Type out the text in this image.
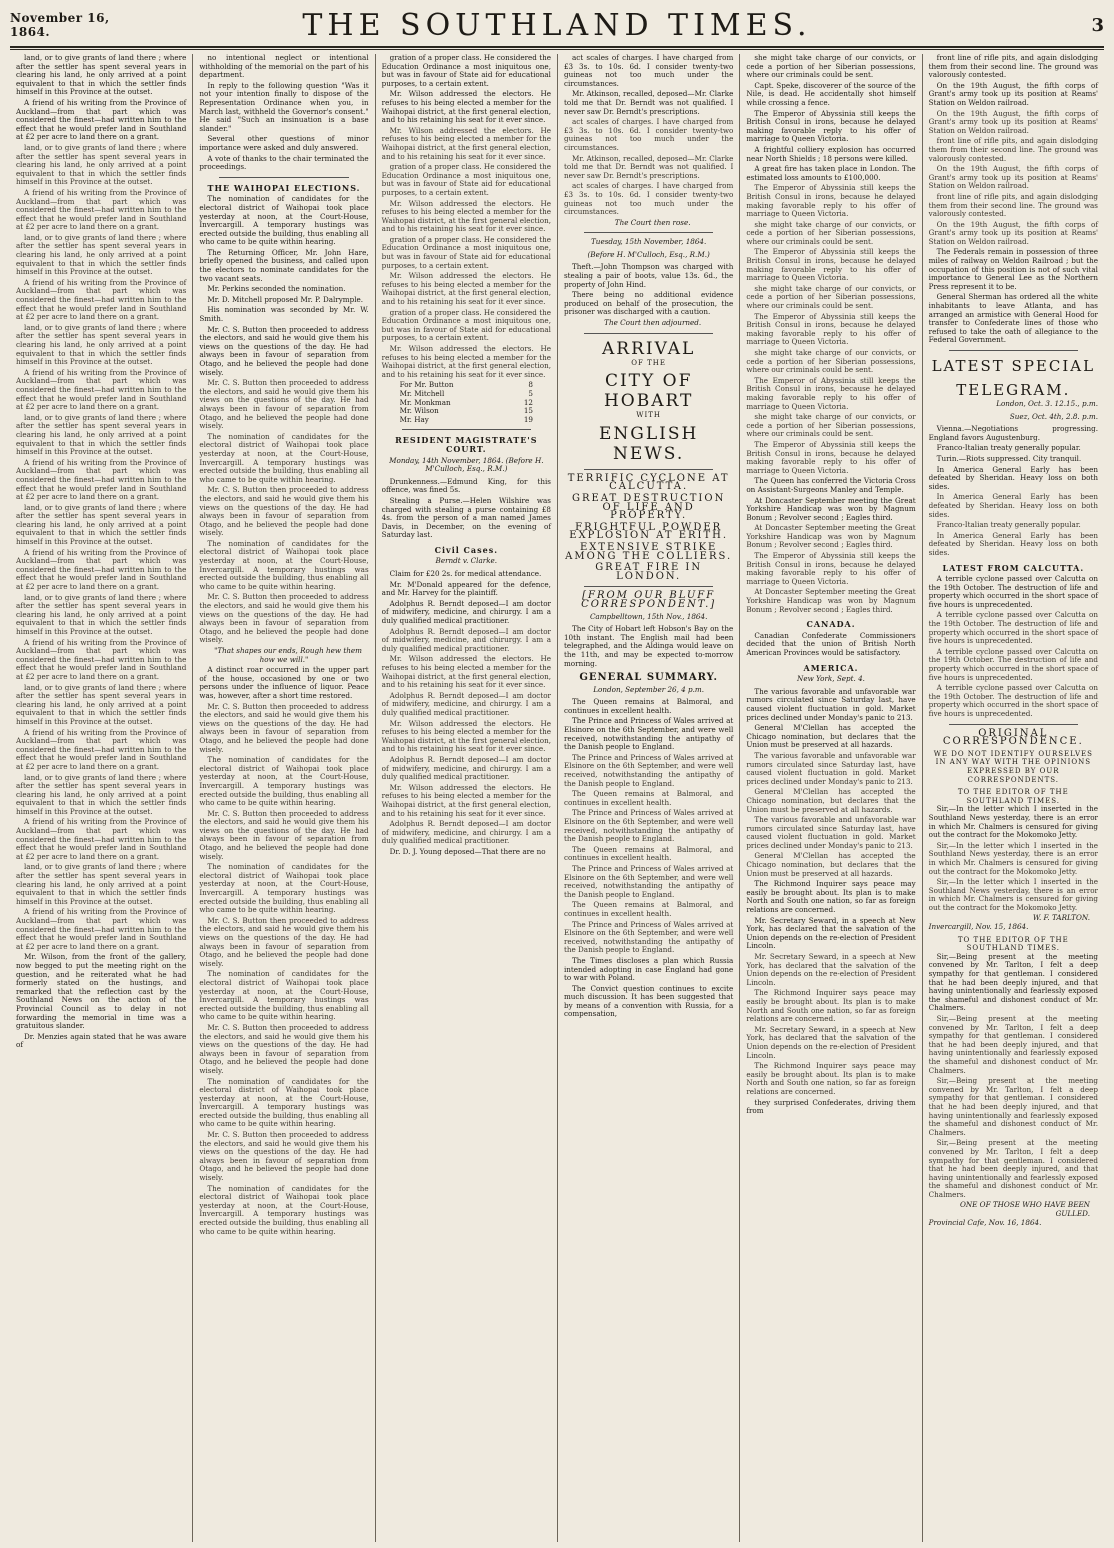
November 16, 1864.	THE SOUTHLAND TIMES.	3

land, or to give grants of land there ; where after the settler has spent several years in clearing his land, he only arrived at a point equivalent to that in which the settler finds himself in this Province at the outset.

A friend of his writing from the Province of Auckland—from that part which was considered the finest—had written him to the effect that he would prefer land in Southland at £2 per acre to land there on a grant.

land, or to give grants of land there ; where after the settler has spent several years in clearing his land, he only arrived at a point equivalent to that in which the settler finds himself in this Province at the outset.

A friend of his writing from the Province of Auckland—from that part which was considered the finest—had written him to the effect that he would prefer land in Southland at £2 per acre to land there on a grant.

land, or to give grants of land there ; where after the settler has spent several years in clearing his land, he only arrived at a point equivalent to that in which the settler finds himself in this Province at the outset.

A friend of his writing from the Province of Auckland—from that part which was considered the finest—had written him to the effect that he would prefer land in Southland at £2 per acre to land there on a grant.

land, or to give grants of land there ; where after the settler has spent several years in clearing his land, he only arrived at a point equivalent to that in which the settler finds himself in this Province at the outset.

A friend of his writing from the Province of Auckland—from that part which was considered the finest—had written him to the effect that he would prefer land in Southland at £2 per acre to land there on a grant.

land, or to give grants of land there ; where after the settler has spent several years in clearing his land, he only arrived at a point equivalent to that in which the settler finds himself in this Province at the outset.

A friend of his writing from the Province of Auckland—from that part which was considered the finest—had written him to the effect that he would prefer land in Southland at £2 per acre to land there on a grant.

land, or to give grants of land there ; where after the settler has spent several years in clearing his land, he only arrived at a point equivalent to that in which the settler finds himself in this Province at the outset.

A friend of his writing from the Province of Auckland—from that part which was considered the finest—had written him to the effect that he would prefer land in Southland at £2 per acre to land there on a grant.

land, or to give grants of land there ; where after the settler has spent several years in clearing his land, he only arrived at a point equivalent to that in which the settler finds himself in this Province at the outset.

A friend of his writing from the Province of Auckland—from that part which was considered the finest—had written him to the effect that he would prefer land in Southland at £2 per acre to land there on a grant.

land, or to give grants of land there ; where after the settler has spent several years in clearing his land, he only arrived at a point equivalent to that in which the settler finds himself in this Province at the outset.

A friend of his writing from the Province of Auckland—from that part which was considered the finest—had written him to the effect that he would prefer land in Southland at £2 per acre to land there on a grant.

land, or to give grants of land there ; where after the settler has spent several years in clearing his land, he only arrived at a point equivalent to that in which the settler finds himself in this Province at the outset.

A friend of his writing from the Province of Auckland—from that part which was considered the finest—had written him to the effect that he would prefer land in Southland at £2 per acre to land there on a grant.

land, or to give grants of land there ; where after the settler has spent several years in clearing his land, he only arrived at a point equivalent to that in which the settler finds himself in this Province at the outset.

A friend of his writing from the Province of Auckland—from that part which was considered the finest—had written him to the effect that he would prefer land in Southland at £2 per acre to land there on a grant.

Mr. Wilson, from the front of the gallery, now begged to put the meeting right on the question, and he reiterated what he had formerly stated on the hustings, and remarked that the reflection cast by the Southland News on the action of the Provincial Council as to delay in not forwarding the memorial in time was a gratuitous slander.

Dr. Menzies again stated that he was aware of

no intentional neglect or intentional withholding of the memorial on the part of his department.

In reply to the following question "Was it not your intention finally to dispose of the Representation Ordinance when you, in March last, withheld the Governor's consent." He said "Such an insinuation is a base slander."

Several other questions of minor importance were asked and duly answered.

A vote of thanks to the chair terminated the proceedings.

THE WAIHOPAI ELECTIONS.

The nomination of candidates for the electoral district of Waihopai took place yesterday at noon, at the Court-House, Invercargill. A temporary hustings was erected outside the building, thus enabling all who came to be quite within hearing.

The Returning Officer, Mr. John Hare, briefly opened the business, and called upon the electors to nominate candidates for the two vacant seats.

Mr. Perkins seconded the nomination.

Mr. D. Mitchell proposed Mr. P. Dalrymple.

His nomination was seconded by Mr. W. Smith.

Mr. C. S. Button then proceeded to address the electors, and said he would give them his views on the questions of the day. He had always been in favour of separation from Otago, and he believed the people had done wisely.

Mr. C. S. Button then proceeded to address the electors, and said he would give them his views on the questions of the day. He had always been in favour of separation from Otago, and he believed the people had done wisely.

The nomination of candidates for the electoral district of Waihopai took place yesterday at noon, at the Court-House, Invercargill. A temporary hustings was erected outside the building, thus enabling all who came to be quite within hearing.

Mr. C. S. Button then proceeded to address the electors, and said he would give them his views on the questions of the day. He had always been in favour of separation from Otago, and he believed the people had done wisely.

The nomination of candidates for the electoral district of Waihopai took place yesterday at noon, at the Court-House, Invercargill. A temporary hustings was erected outside the building, thus enabling all who came to be quite within hearing.

Mr. C. S. Button then proceeded to address the electors, and said he would give them his views on the questions of the day. He had always been in favour of separation from Otago, and he believed the people had done wisely.

"That shapes our ends, Rough hew them how we will."

A distinct roar occurred in the upper part of the house, occasioned by one or two persons under the influence of liquor. Peace was, however, after a short time restored.

Mr. C. S. Button then proceeded to address the electors, and said he would give them his views on the questions of the day. He had always been in favour of separation from Otago, and he believed the people had done wisely.

The nomination of candidates for the electoral district of Waihopai took place yesterday at noon, at the Court-House, Invercargill. A temporary hustings was erected outside the building, thus enabling all who came to be quite within hearing.

Mr. C. S. Button then proceeded to address the electors, and said he would give them his views on the questions of the day. He had always been in favour of separation from Otago, and he believed the people had done wisely.

The nomination of candidates for the electoral district of Waihopai took place yesterday at noon, at the Court-House, Invercargill. A temporary hustings was erected outside the building, thus enabling all who came to be quite within hearing.

Mr. C. S. Button then proceeded to address the electors, and said he would give them his views on the questions of the day. He had always been in favour of separation from Otago, and he believed the people had done wisely.

The nomination of candidates for the electoral district of Waihopai took place yesterday at noon, at the Court-House, Invercargill. A temporary hustings was erected outside the building, thus enabling all who came to be quite within hearing.

Mr. C. S. Button then proceeded to address the electors, and said he would give them his views on the questions of the day. He had always been in favour of separation from Otago, and he believed the people had done wisely.

The nomination of candidates for the electoral district of Waihopai took place yesterday at noon, at the Court-House, Invercargill. A temporary hustings was erected outside the building, thus enabling all who came to be quite within hearing.

Mr. C. S. Button then proceeded to address the electors, and said he would give them his views on the questions of the day. He had always been in favour of separation from Otago, and he believed the people had done wisely.

The nomination of candidates for the electoral district of Waihopai took place yesterday at noon, at the Court-House, Invercargill. A temporary hustings was erected outside the building, thus enabling all who came to be quite within hearing.

gration of a proper class. He considered the Education Ordinance a most iniquitous one, but was in favour of State aid for educational purposes, to a certain extent.

Mr. Wilson addressed the electors. He refuses to his being elected a member for the Waihopai district, at the first general election, and to his retaining his seat for it ever since.

Mr. Wilson addressed the electors. He refuses to his being elected a member for the Waihopai district, at the first general election, and to his retaining his seat for it ever since.

gration of a proper class. He considered the Education Ordinance a most iniquitous one, but was in favour of State aid for educational purposes, to a certain extent.

Mr. Wilson addressed the electors. He refuses to his being elected a member for the Waihopai district, at the first general election, and to his retaining his seat for it ever since.

gration of a proper class. He considered the Education Ordinance a most iniquitous one, but was in favour of State aid for educational purposes, to a certain extent.

Mr. Wilson addressed the electors. He refuses to his being elected a member for the Waihopai district, at the first general election, and to his retaining his seat for it ever since.

gration of a proper class. He considered the Education Ordinance a most iniquitous one, but was in favour of State aid for educational purposes, to a certain extent.

Mr. Wilson addressed the electors. He refuses to his being elected a member for the Waihopai district, at the first general election, and to his retaining his seat for it ever since.

For Mr. Button	8
Mr. Mitchell	5
Mr. Monkman	12
Mr. Wilson	15
Mr. Hay	19
RESIDENT MAGISTRATE'S COURT.
Monday, 14th November, 1864. (Before H. M'Culloch, Esq., R.M.)

Drunkenness.—Edmund King, for this offence, was fined 5s.

Stealing a Purse.—Helen Wilshire was charged with stealing a purse containing £8 4s. from the person of a man named James Davis, in December, on the evening of Saturday last.

Civil Cases.
Berndt v. Clarke.

Claim for £20 2s. for medical attendance.

Mr. M'Donald appeared for the defence, and Mr. Harvey for the plaintiff.

Adolphus R. Berndt deposed—I am doctor of midwifery, medicine, and chirurgy. I am a duly qualified medical practitioner.

Adolphus R. Berndt deposed—I am doctor of midwifery, medicine, and chirurgy. I am a duly qualified medical practitioner.

Mr. Wilson addressed the electors. He refuses to his being elected a member for the Waihopai district, at the first general election, and to his retaining his seat for it ever since.

Adolphus R. Berndt deposed—I am doctor of midwifery, medicine, and chirurgy. I am a duly qualified medical practitioner.

Mr. Wilson addressed the electors. He refuses to his being elected a member for the Waihopai district, at the first general election, and to his retaining his seat for it ever since.

Adolphus R. Berndt deposed—I am doctor of midwifery, medicine, and chirurgy. I am a duly qualified medical practitioner.

Mr. Wilson addressed the electors. He refuses to his being elected a member for the Waihopai district, at the first general election, and to his retaining his seat for it ever since.

Adolphus R. Berndt deposed—I am doctor of midwifery, medicine, and chirurgy. I am a duly qualified medical practitioner.

Dr. D. J. Young deposed—That there are no

act scales of charges. I have charged from £3 3s. to 10s. 6d. I consider twenty-two guineas not too much under the circumstances.

Mr. Atkinson, recalled, deposed—Mr. Clarke told me that Dr. Berndt was not qualified. I never saw Dr. Berndt's prescriptions.

act scales of charges. I have charged from £3 3s. to 10s. 6d. I consider twenty-two guineas not too much under the circumstances.

Mr. Atkinson, recalled, deposed—Mr. Clarke told me that Dr. Berndt was not qualified. I never saw Dr. Berndt's prescriptions.

act scales of charges. I have charged from £3 3s. to 10s. 6d. I consider twenty-two guineas not too much under the circumstances.

The Court then rose.

Tuesday, 15th November, 1864.
(Before H. M'Culloch, Esq., R.M.)

Theft.—John Thompson was charged with stealing a pair of boots, value 13s. 6d., the property of John Hind.

There being no additional evidence produced on behalf of the prosecution, the prisoner was discharged with a caution.

The Court then adjourned.

ARRIVAL
OF THE
CITY OF HOBART
WITH
ENGLISH NEWS.
TERRIFIC CYCLONE AT CALCUTTA.
GREAT DESTRUCTION OF LIFE AND PROPERTY.
FRIGHTFUL POWDER EXPLOSION AT ERITH.
EXTENSIVE STRIKE AMONG THE COLLIERS.
GREAT FIRE IN LONDON.
[FROM OUR BLUFF CORRESPONDENT.]
Campbelltown, 15th Nov., 1864.

The City of Hobart left Hobson's Bay on the 10th instant. The English mail had been telegraphed, and the Aldinga would leave on the 11th, and may be expected to-morrow morning.

GENERAL SUMMARY.
London, September 26, 4 p.m.

The Queen remains at Balmoral, and continues in excellent health.

The Prince and Princess of Wales arrived at Elsinore on the 6th September, and were well received, notwithstanding the antipathy of the Danish people to England.

The Prince and Princess of Wales arrived at Elsinore on the 6th September, and were well received, notwithstanding the antipathy of the Danish people to England.

The Queen remains at Balmoral, and continues in excellent health.

The Prince and Princess of Wales arrived at Elsinore on the 6th September, and were well received, notwithstanding the antipathy of the Danish people to England.

The Queen remains at Balmoral, and continues in excellent health.

The Prince and Princess of Wales arrived at Elsinore on the 6th September, and were well received, notwithstanding the antipathy of the Danish people to England.

The Queen remains at Balmoral, and continues in excellent health.

The Prince and Princess of Wales arrived at Elsinore on the 6th September, and were well received, notwithstanding the antipathy of the Danish people to England.

The Times discloses a plan which Russia intended adopting in case England had gone to war with Poland.

The Convict question continues to excite much discussion. It has been suggested that by means of a convention with Russia, for a compensation,

she might take charge of our convicts, or cede a portion of her Siberian possessions, where our criminals could be sent.

Capt. Speke, discoverer of the source of the Nile, is dead. He accidentally shot himself while crossing a fence.

The Emperor of Abyssinia still keeps the British Consul in irons, because he delayed making favorable reply to his offer of marriage to Queen Victoria.

A frightful colliery explosion has occurred near North Shields ; 18 persons were killed.

A great fire has taken place in London. The estimated loss amounts to £100,000.

The Emperor of Abyssinia still keeps the British Consul in irons, because he delayed making favorable reply to his offer of marriage to Queen Victoria.

she might take charge of our convicts, or cede a portion of her Siberian possessions, where our criminals could be sent.

The Emperor of Abyssinia still keeps the British Consul in irons, because he delayed making favorable reply to his offer of marriage to Queen Victoria.

she might take charge of our convicts, or cede a portion of her Siberian possessions, where our criminals could be sent.

The Emperor of Abyssinia still keeps the British Consul in irons, because he delayed making favorable reply to his offer of marriage to Queen Victoria.

she might take charge of our convicts, or cede a portion of her Siberian possessions, where our criminals could be sent.

The Emperor of Abyssinia still keeps the British Consul in irons, because he delayed making favorable reply to his offer of marriage to Queen Victoria.

she might take charge of our convicts, or cede a portion of her Siberian possessions, where our criminals could be sent.

The Emperor of Abyssinia still keeps the British Consul in irons, because he delayed making favorable reply to his offer of marriage to Queen Victoria.

The Queen has conferred the Victoria Cross on Assistant-Surgeons Manley and Temple.

At Doncaster September meeting the Great Yorkshire Handicap was won by Magnum Bonum ; Revolver second ; Eagles third.

At Doncaster September meeting the Great Yorkshire Handicap was won by Magnum Bonum ; Revolver second ; Eagles third.

The Emperor of Abyssinia still keeps the British Consul in irons, because he delayed making favorable reply to his offer of marriage to Queen Victoria.

At Doncaster September meeting the Great Yorkshire Handicap was won by Magnum Bonum ; Revolver second ; Eagles third.

CANADA.

Canadian Confederate Commissioners decided that the union of British North American Provinces would be satisfactory.

AMERICA.
New York, Sept. 4.

The various favorable and unfavorable war rumors circulated since Saturday last, have caused violent fluctuation in gold. Market prices declined under Monday's panic to 213.

General M'Clellan has accepted the Chicago nomination, but declares that the Union must be preserved at all hazards.

The various favorable and unfavorable war rumors circulated since Saturday last, have caused violent fluctuation in gold. Market prices declined under Monday's panic to 213.

General M'Clellan has accepted the Chicago nomination, but declares that the Union must be preserved at all hazards.

The various favorable and unfavorable war rumors circulated since Saturday last, have caused violent fluctuation in gold. Market prices declined under Monday's panic to 213.

General M'Clellan has accepted the Chicago nomination, but declares that the Union must be preserved at all hazards.

The Richmond Inquirer says peace may easily be brought about. Its plan is to make North and South one nation, so far as foreign relations are concerned.

Mr. Secretary Seward, in a speech at New York, has declared that the salvation of the Union depends on the re-election of President Lincoln.

Mr. Secretary Seward, in a speech at New York, has declared that the salvation of the Union depends on the re-election of President Lincoln.

The Richmond Inquirer says peace may easily be brought about. Its plan is to make North and South one nation, so far as foreign relations are concerned.

Mr. Secretary Seward, in a speech at New York, has declared that the salvation of the Union depends on the re-election of President Lincoln.

The Richmond Inquirer says peace may easily be brought about. Its plan is to make North and South one nation, so far as foreign relations are concerned.

they surprised Confederates, driving them from

front line of rifle pits, and again dislodging them from their second line. The ground was valorously contested.

On the 19th August, the fifth corps of Grant's army took up its position at Reams' Station on Weldon railroad.

On the 19th August, the fifth corps of Grant's army took up its position at Reams' Station on Weldon railroad.

front line of rifle pits, and again dislodging them from their second line. The ground was valorously contested.

On the 19th August, the fifth corps of Grant's army took up its position at Reams' Station on Weldon railroad.

front line of rifle pits, and again dislodging them from their second line. The ground was valorously contested.

On the 19th August, the fifth corps of Grant's army took up its position at Reams' Station on Weldon railroad.

The Federals remain in possession of three miles of railway on Weldon Railroad ; but the occupation of this position is not of such vital importance to General Lee as the Northern Press represent it to be.

General Sherman has ordered all the white inhabitants to leave Atlanta, and has arranged an armistice with General Hood for transfer to Confederate lines of those who refused to take the oath of allegiance to the Federal Government.

LATEST SPECIAL
TELEGRAM.
London, Oct. 3. 12.15., p.m.
Suez, Oct. 4th, 2.8. p.m.

Vienna.—Negotiations progressing. England favors Augustenburg.

Franco-Italian treaty generally popular.

Turin.—Riots suppressed. City tranquil.

In America General Early has been defeated by Sheridan. Heavy loss on both sides.

In America General Early has been defeated by Sheridan. Heavy loss on both sides.

Franco-Italian treaty generally popular.

In America General Early has been defeated by Sheridan. Heavy loss on both sides.

LATEST FROM CALCUTTA.

A terrible cyclone passed over Calcutta on the 19th October. The destruction of life and property which occurred in the short space of five hours is unprecedented.

A terrible cyclone passed over Calcutta on the 19th October. The destruction of life and property which occurred in the short space of five hours is unprecedented.

A terrible cyclone passed over Calcutta on the 19th October. The destruction of life and property which occurred in the short space of five hours is unprecedented.

A terrible cyclone passed over Calcutta on the 19th October. The destruction of life and property which occurred in the short space of five hours is unprecedented.

ORIGINAL CORRESPONDENCE.
WE DO NOT IDENTIFY OURSELVES IN ANY WAY WITH THE OPINIONS EXPRESSED BY OUR CORRESPONDENTS.
TO THE EDITOR OF THE SOUTHLAND TIMES.

Sir,—In the letter which I inserted in the Southland News yesterday, there is an error in which Mr. Chalmers is censured for giving out the contract for the Mokomoko Jetty.

Sir,—In the letter which I inserted in the Southland News yesterday, there is an error in which Mr. Chalmers is censured for giving out the contract for the Mokomoko Jetty.

Sir,—In the letter which I inserted in the Southland News yesterday, there is an error in which Mr. Chalmers is censured for giving out the contract for the Mokomoko Jetty.

W. F. TARLTON.
Invercargill, Nov. 15, 1864.
TO THE EDITOR OF THE SOUTHLAND TIMES.

Sir,—Being present at the meeting convened by Mr. Tarlton, I felt a deep sympathy for that gentleman. I considered that he had been deeply injured, and that having unintentionally and fearlessly exposed the shameful and dishonest conduct of Mr. Chalmers.

Sir,—Being present at the meeting convened by Mr. Tarlton, I felt a deep sympathy for that gentleman. I considered that he had been deeply injured, and that having unintentionally and fearlessly exposed the shameful and dishonest conduct of Mr. Chalmers.

Sir,—Being present at the meeting convened by Mr. Tarlton, I felt a deep sympathy for that gentleman. I considered that he had been deeply injured, and that having unintentionally and fearlessly exposed the shameful and dishonest conduct of Mr. Chalmers.

Sir,—Being present at the meeting convened by Mr. Tarlton, I felt a deep sympathy for that gentleman. I considered that he had been deeply injured, and that having unintentionally and fearlessly exposed the shameful and dishonest conduct of Mr. Chalmers.

ONE OF THOSE WHO HAVE BEEN GULLED.
Provincial Cafe, Nov. 16, 1864.
